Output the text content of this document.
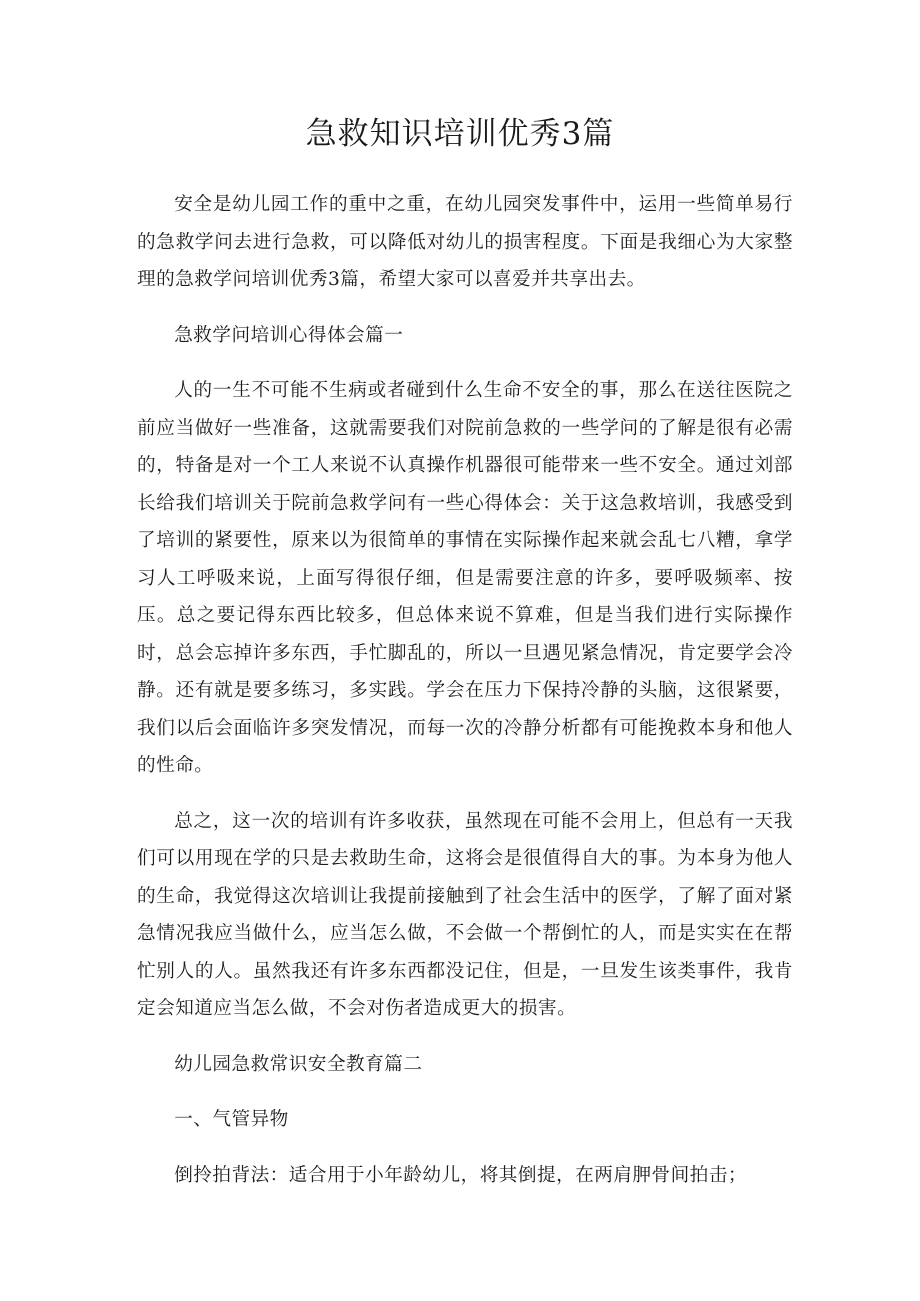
急救知识培训优秀3篇

安全是幼儿园工作的重中之重，在幼儿园突发事件中，运用一些简单易行的急救学问去进行急救，可以降低对幼儿的损害程度。下面是我细心为大家整理的急救学问培训优秀3篇，希望大家可以喜爱并共享出去。

急救学问培训心得体会篇一

人的一生不可能不生病或者碰到什么生命不安全的事，那么在送往医院之前应当做好一些准备，这就需要我们对院前急救的一些学问的了解是很有必需的，特备是对一个工人来说不认真操作机器很可能带来一些不安全。通过刘部长给我们培训关于院前急救学问有一些心得体会：关于这急救培训，我感受到了培训的紧要性，原来以为很简单的事情在实际操作起来就会乱七八糟，拿学习人工呼吸来说，上面写得很仔细，但是需要注意的许多，要呼吸频率、按压。总之要记得东西比较多，但总体来说不算难，但是当我们进行实际操作时，总会忘掉许多东西，手忙脚乱的，所以一旦遇见紧急情况，肯定要学会冷静。还有就是要多练习，多实践。学会在压力下保持冷静的头脑，这很紧要，我们以后会面临许多突发情况，而每一次的冷静分析都有可能挽救本身和他人的性命。

总之，这一次的培训有许多收获，虽然现在可能不会用上，但总有一天我们可以用现在学的只是去救助生命，这将会是很值得自大的事。为本身为他人的生命，我觉得这次培训让我提前接触到了社会生活中的医学，了解了面对紧急情况我应当做什么，应当怎么做，不会做一个帮倒忙的人，而是实实在在帮忙别人的人。虽然我还有许多东西都没记住，但是，一旦发生该类事件，我肯定会知道应当怎么做，不会对伤者造成更大的损害。

幼儿园急救常识安全教育篇二

一、气管异物

倒拎拍背法：适合用于小年龄幼儿，将其倒提，在两肩胛骨间拍击；
